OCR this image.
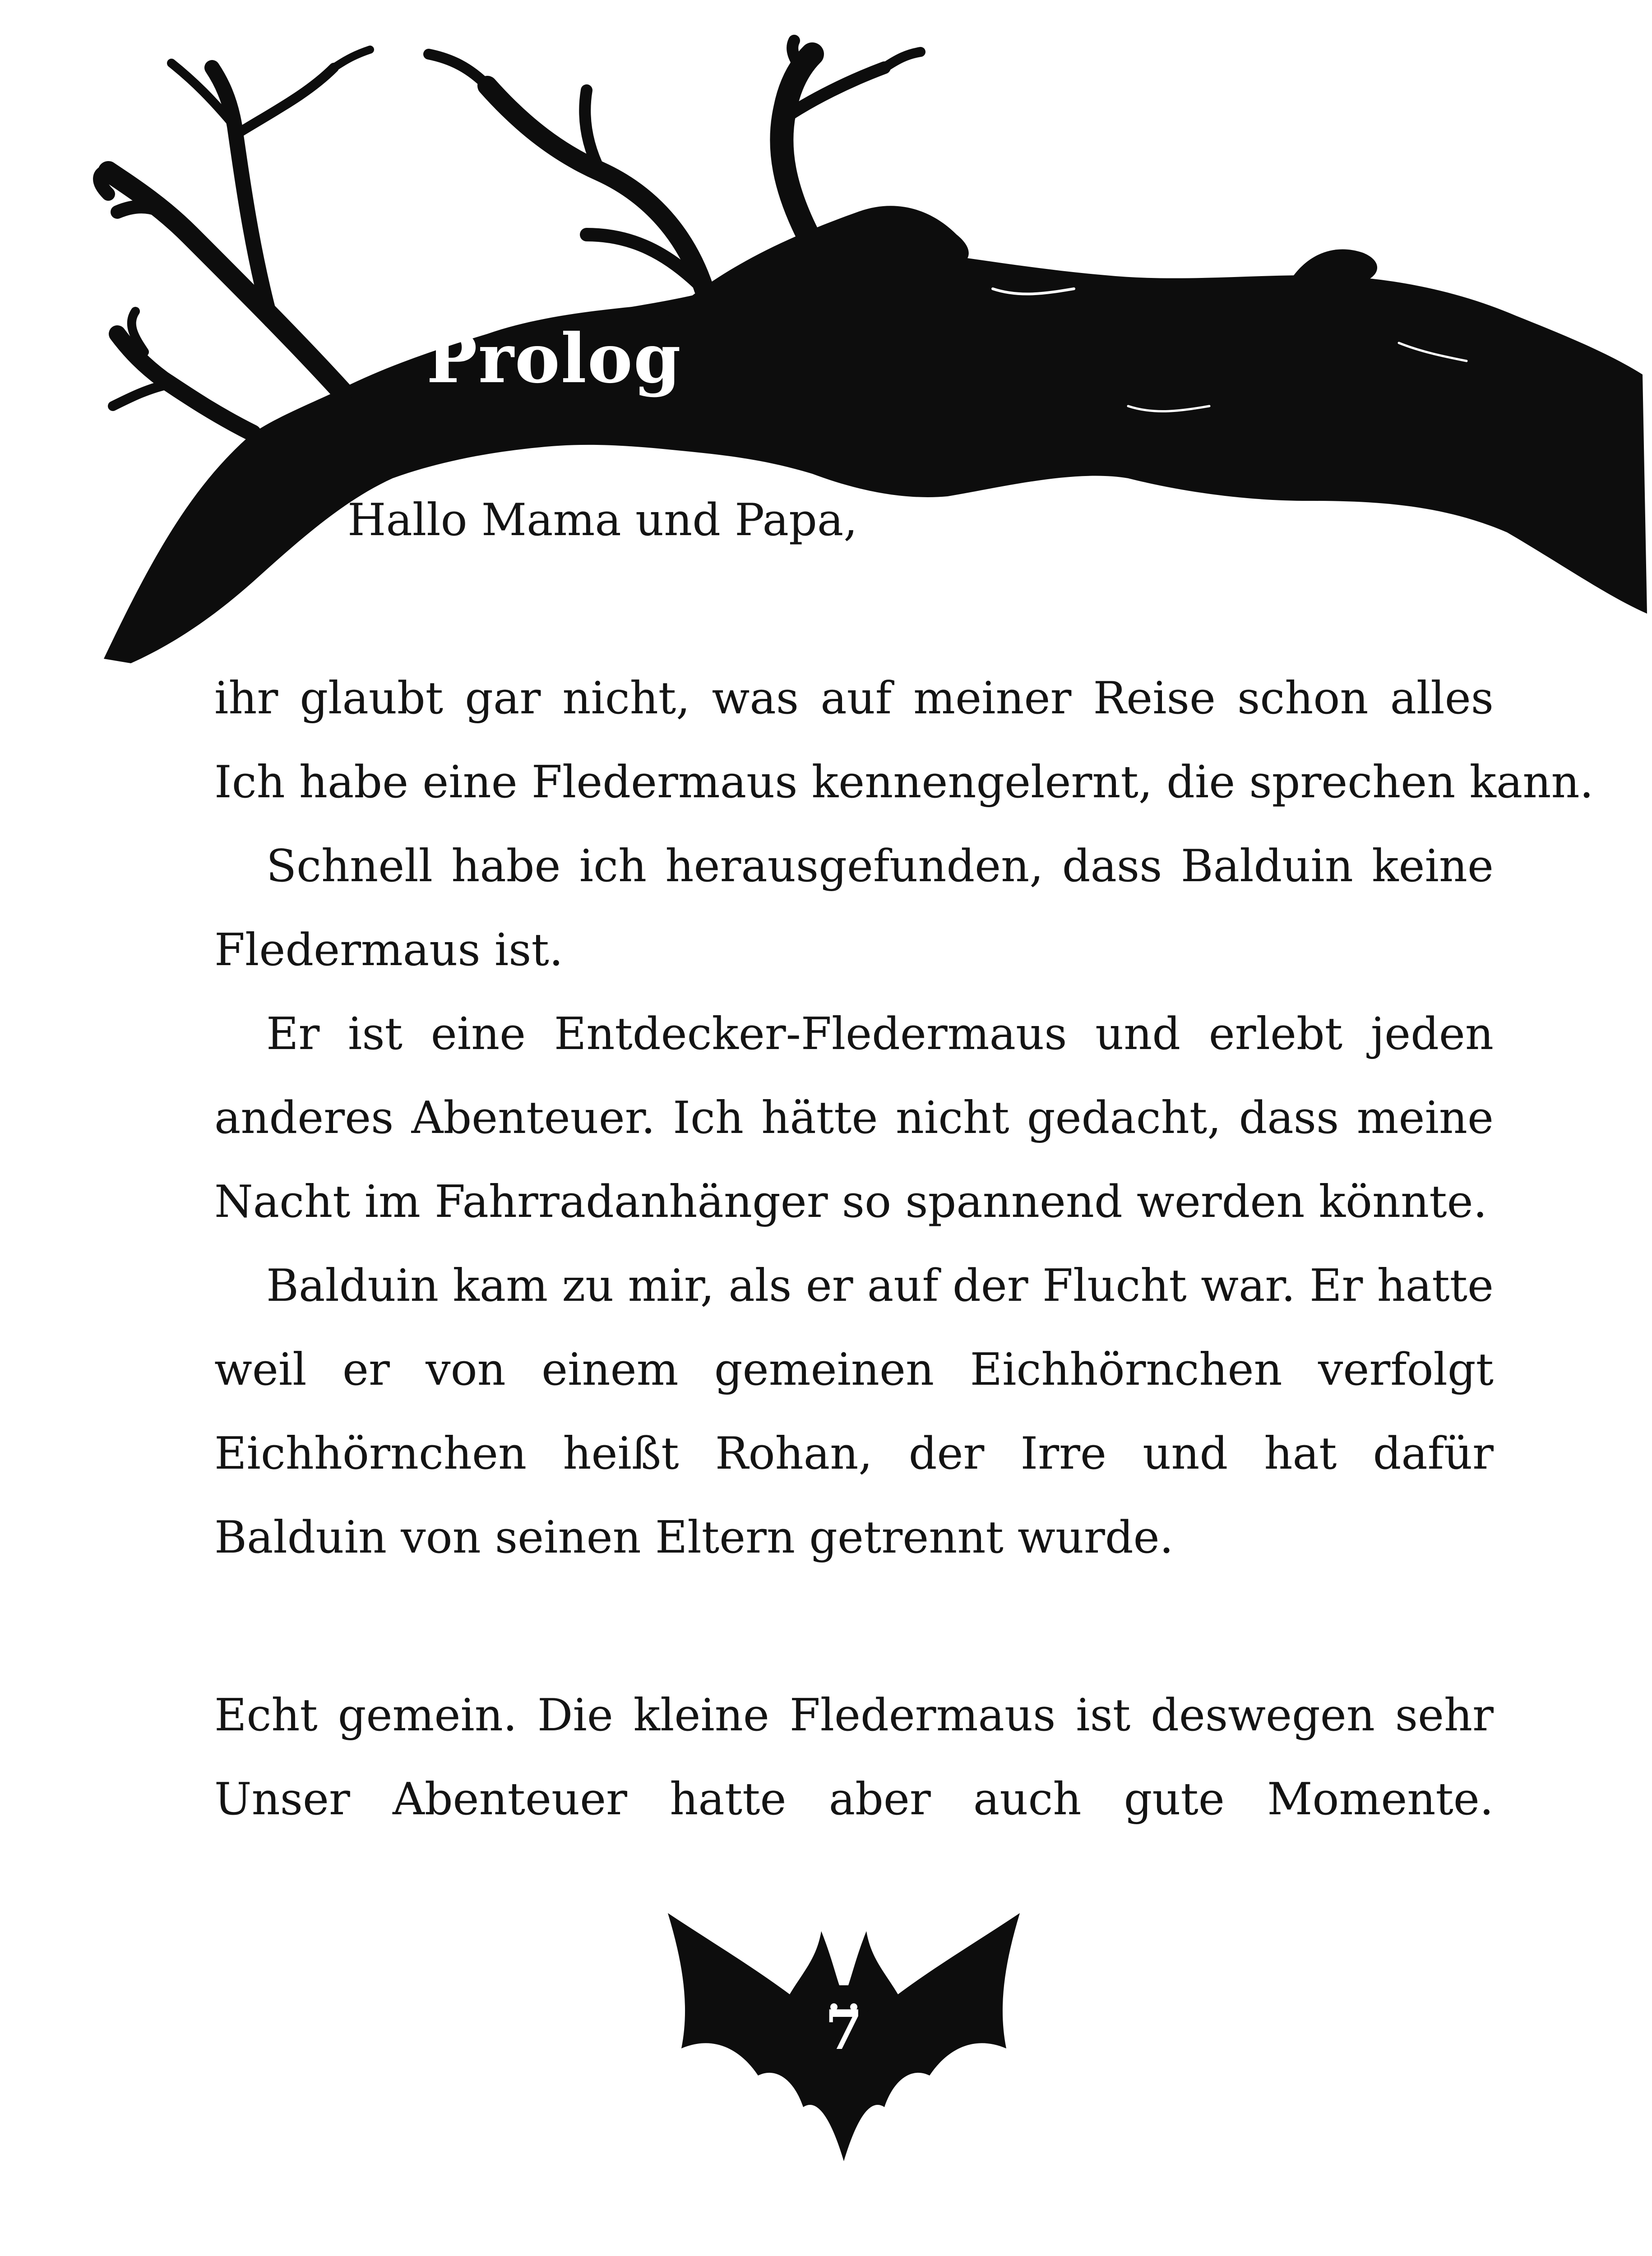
Prolog

Hallo Mama und Papa,

ihr glaubt gar nicht, was auf meiner Reise schon alles
Ich habe eine Fledermaus kennengelernt, die sprechen kann.
Schnell habe ich herausgefunden, dass Balduin keine
Fledermaus ist.
Er ist eine Entdecker-Fledermaus und erlebt jeden
anderes Abenteuer. Ich hätte nicht gedacht, dass meine
Nacht im Fahrradanhänger so spannend werden könnte.
Balduin kam zu mir, als er auf der Flucht war. Er hatte
weil er von einem gemeinen Eichhörnchen verfolgt
Eichhörnchen heißt Rohan, der Irre und hat dafür
Balduin von seinen Eltern getrennt wurde.
Echt gemein. Die kleine Fledermaus ist deswegen sehr
Unser Abenteuer hatte aber auch gute Momente.
7
